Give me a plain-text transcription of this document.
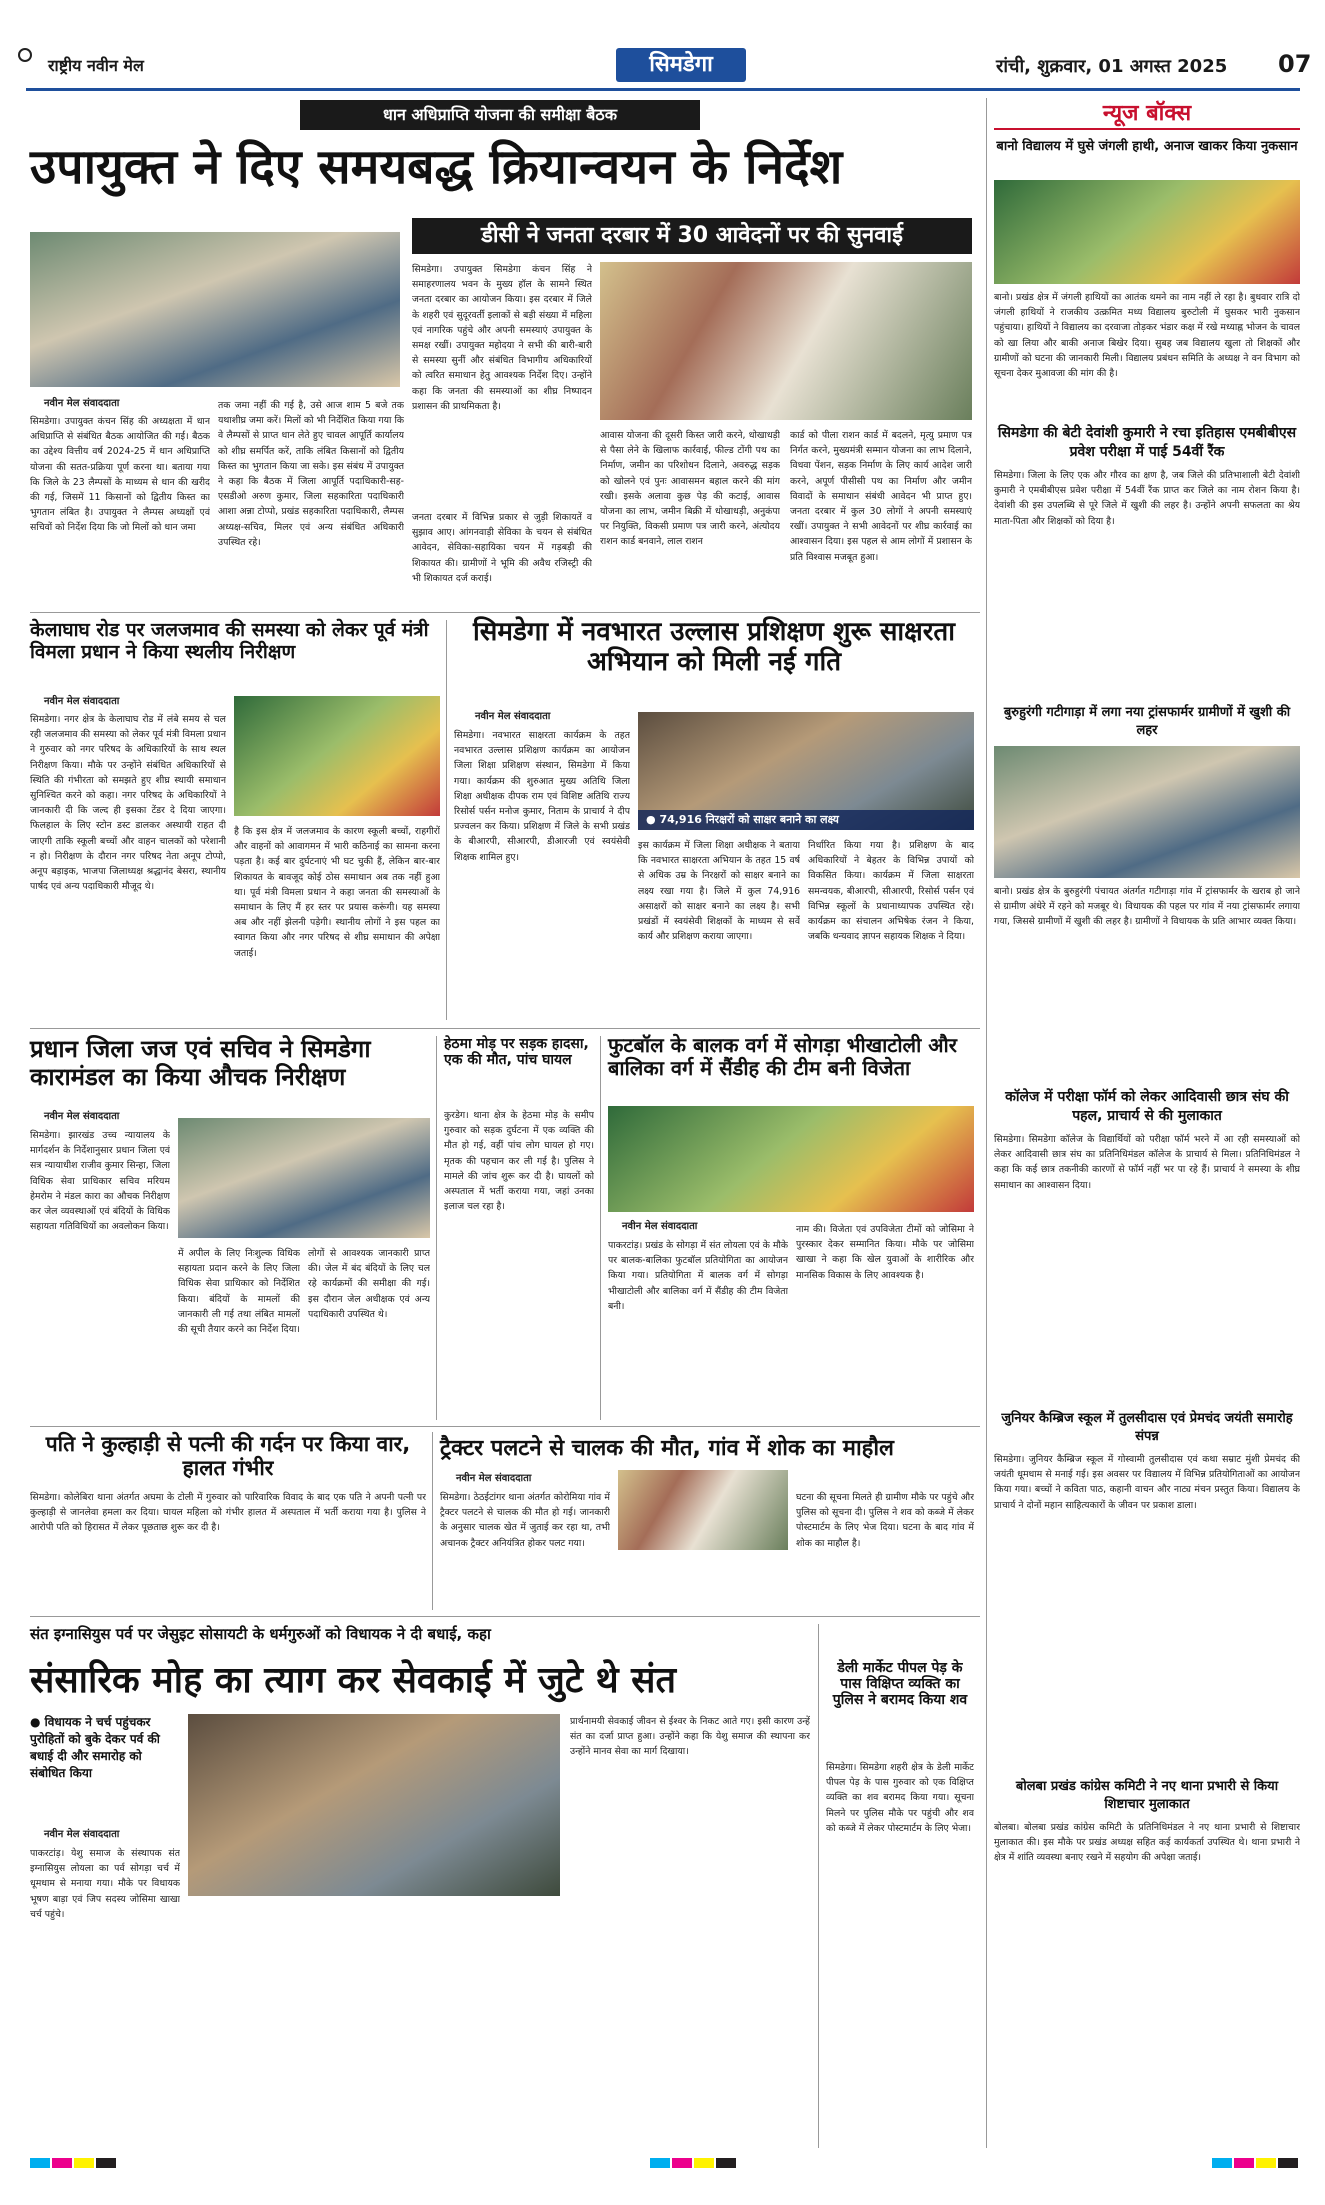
राष्ट्रीय नवीन मेल	सिमडेगा	रांची, शुक्रवार, 01 अगस्त 2025 07
धान अधिप्राप्ति योजना की समीक्षा बैठक
उपायुक्त ने दिए समयबद्ध क्रियान्वयन के निर्देश
नवीन मेल संवाददाता
सिमडेगा। उपायुक्त कंचन सिंह की अध्यक्षता में धान अधिप्राप्ति से संबंधित बैठक आयोजित की गई। बैठक का उद्देश्य वित्तीय वर्ष 2024-25 में धान अधिप्राप्ति योजना की सतत-प्रक्रिया पूर्ण करना था। बताया गया कि जिले के 23 लैम्पसों के माध्यम से धान की खरीद की गई, जिसमें 11 किसानों को द्वितीय किस्त का भुगतान लंबित है। उपायुक्त ने लैम्पस अध्यक्षों एवं सचिवों को निर्देश दिया कि जो मिलों को धान जमा
तक जमा नहीं की गई है, उसे आज शाम 5 बजे तक यथाशीघ्र जमा करें। मिलों को भी निर्देशित किया गया कि वे लैम्पसों से प्राप्त धान लेते हुए चावल आपूर्ति कार्यालय को शीघ्र समर्पित करें, ताकि लंबित किसानों को द्वितीय किस्त का भुगतान किया जा सके। इस संबंध में उपायुक्त ने कहा कि बैठक में जिला आपूर्ति पदाधिकारी-सह-एसडीओ अरुण कुमार, जिला सहकारिता पदाधिकारी आशा अन्ना टोप्पो, प्रखंड सहकारिता पदाधिकारी, लैम्पस अध्यक्ष-सचिव, मिलर एवं अन्य संबंधित अधिकारी उपस्थित रहे।
डीसी ने जनता दरबार में 30 आवेदनों पर की सुनवाई
सिमडेगा। उपायुक्त सिमडेगा कंचन सिंह ने समाहरणालय भवन के मुख्य हॉल के सामने स्थित जनता दरबार का आयोजन किया। इस दरबार में जिले के शहरी एवं सुदूरवर्ती इलाकों से बड़ी संख्या में महिला एवं नागरिक पहुंचे और अपनी समस्याएं उपायुक्त के समक्ष रखीं। उपायुक्त महोदया ने सभी की बारी-बारी से समस्या सुनीं और संबंधित विभागीय अधिकारियों को त्वरित समाधान हेतु आवश्यक निर्देश दिए। उन्होंने कहा कि जनता की समस्याओं का शीघ्र निष्पादन प्रशासन की प्राथमिकता है।
जनता दरबार में विभिन्न प्रकार से जुड़ी शिकायतें व सुझाव आए। आंगनवाड़ी सेविका के चयन से संबंधित आवेदन, सेविका-सहायिका चयन में गड़बड़ी की शिकायत की। ग्रामीणों ने भूमि की अवैध रजिस्ट्री की भी शिकायत दर्ज कराई।
आवास योजना की दूसरी किस्त जारी करने, धोखाधड़ी से पैसा लेने के खिलाफ कार्रवाई, फील्ड टोंगी पथ का निर्माण, जमीन का परिशोधन दिलाने, अवरुद्ध सड़क को खोलने एवं पुनः आवासमन बहाल करने की मांग रखी। इसके अलावा कुछ पेड़ की कटाई, आवास योजना का लाभ, जमीन बिक्री में धोखाधड़ी, अनुकंपा पर नियुक्ति, विकसी प्रमाण पत्र जारी करने, अंत्योदय राशन कार्ड बनवाने, लाल राशन
कार्ड को पीला राशन कार्ड में बदलने, मृत्यु प्रमाण पत्र निर्गत करने, मुख्यमंत्री सम्मान योजना का लाभ दिलाने, विधवा पेंशन, सड़क निर्माण के लिए कार्य आदेश जारी करने, अपूर्ण पीसीसी पथ का निर्माण और जमीन विवादों के समाधान संबंधी आवेदन भी प्राप्त हुए। जनता दरबार में कुल 30 लोगों ने अपनी समस्याएं रखीं। उपायुक्त ने सभी आवेदनों पर शीघ्र कार्रवाई का आश्वासन दिया। इस पहल से आम लोगों में प्रशासन के प्रति विश्वास मजबूत हुआ।
केलाघाघ रोड पर जलजमाव की समस्या को लेकर पूर्व मंत्री विमला प्रधान ने किया स्थलीय निरीक्षण
नवीन मेल संवाददाता
सिमडेगा। नगर क्षेत्र के केलाघाघ रोड में लंबे समय से चल रही जलजमाव की समस्या को लेकर पूर्व मंत्री विमला प्रधान ने गुरुवार को नगर परिषद के अधिकारियों के साथ स्थल निरीक्षण किया। मौके पर उन्होंने संबंधित अधिकारियों से स्थिति की गंभीरता को समझते हुए शीघ्र स्थायी समाधान सुनिश्चित करने को कहा। नगर परिषद के अधिकारियों ने जानकारी दी कि जल्द ही इसका टेंडर दे दिया जाएगा। फिलहाल के लिए स्टोन डस्ट डालकर अस्थायी राहत दी जाएगी ताकि स्कूली बच्चों और वाहन चालकों को परेशानी न हो। निरीक्षण के दौरान नगर परिषद नेता अनूप टोप्पो, अनूप बड़ाइक, भाजपा जिलाध्यक्ष श्रद्धानंद बेसरा, स्थानीय पार्षद एवं अन्य पदाधिकारी मौजूद थे।
है कि इस क्षेत्र में जलजमाव के कारण स्कूली बच्चों, राहगीरों और वाहनों को आवागमन में भारी कठिनाई का सामना करना पड़ता है। कई बार दुर्घटनाएं भी घट चुकी हैं, लेकिन बार-बार शिकायत के बावजूद कोई ठोस समाधान अब तक नहीं हुआ था। पूर्व मंत्री विमला प्रधान ने कहा जनता की समस्याओं के समाधान के लिए मैं हर स्तर पर प्रयास करूंगी। यह समस्या अब और नहीं झेलनी पड़ेगी। स्थानीय लोगों ने इस पहल का स्वागत किया और नगर परिषद से शीघ्र समाधान की अपेक्षा जताई।
सिमडेगा में नवभारत उल्लास प्रशिक्षण शुरू साक्षरता अभियान को मिली नई गति
नवीन मेल संवाददाता
सिमडेगा। नवभारत साक्षरता कार्यक्रम के तहत नवभारत उल्लास प्रशिक्षण कार्यक्रम का आयोजन जिला शिक्षा प्रशिक्षण संस्थान, सिमडेगा में किया गया। कार्यक्रम की शुरुआत मुख्य अतिथि जिला शिक्षा अधीक्षक दीपक राम एवं विशिष्ट अतिथि राज्य रिसोर्स पर्सन मनोज कुमार, निताम के प्राचार्य ने दीप प्रज्वलन कर किया। प्रशिक्षण में जिले के सभी प्रखंड के बीआरपी, सीआरपी, डीआरजी एवं स्वयंसेवी शिक्षक शामिल हुए।
● 74,916 निरक्षरों को साक्षर बनाने का लक्ष्य
इस कार्यक्रम में जिला शिक्षा अधीक्षक ने बताया कि नवभारत साक्षरता अभियान के तहत 15 वर्ष से अधिक उम्र के निरक्षरों को साक्षर बनाने का लक्ष्य रखा गया है। जिले में कुल 74,916 असाक्षरों को साक्षर बनाने का लक्ष्य है। सभी प्रखंडों में स्वयंसेवी शिक्षकों के माध्यम से सर्वे कार्य और प्रशिक्षण कराया जाएगा।
निर्धारित किया गया है। प्रशिक्षण के बाद अधिकारियों ने बेहतर के विभिन्न उपायों को विकसित किया। कार्यक्रम में जिला साक्षरता समन्वयक, बीआरपी, सीआरपी, रिसोर्स पर्सन एवं विभिन्न स्कूलों के प्रधानाध्यापक उपस्थित रहे। कार्यक्रम का संचालन अभिषेक रंजन ने किया, जबकि धन्यवाद ज्ञापन सहायक शिक्षक ने दिया।
प्रधान जिला जज एवं सचिव ने सिमडेगा कारामंडल का किया औचक निरीक्षण
नवीन मेल संवाददाता
सिमडेगा। झारखंड उच्च न्यायालय के मार्गदर्शन के निर्देशानुसार प्रधान जिला एवं सत्र न्यायाधीश राजीव कुमार सिन्हा, जिला विधिक सेवा प्राधिकार सचिव मरियम हेमरोम ने मंडल कारा का औचक निरीक्षण कर जेल व्यवस्थाओं एवं बंदियों के विधिक सहायता गतिविधियों का अवलोकन किया।
में अपील के लिए निःशुल्क विधिक सहायता प्रदान करने के लिए जिला विधिक सेवा प्राधिकार को निर्देशित किया। बंदियों के मामलों की जानकारी ली गई तथा लंबित मामलों की सूची तैयार करने का निर्देश दिया।
लोगों से आवश्यक जानकारी प्राप्त की। जेल में बंद बंदियों के लिए चल रहे कार्यक्रमों की समीक्षा की गई। इस दौरान जेल अधीक्षक एवं अन्य पदाधिकारी उपस्थित थे।
हेठमा मोड़ पर सड़क हादसा, एक की मौत, पांच घायल
कुरडेग। थाना क्षेत्र के हेठमा मोड़ के समीप गुरुवार को सड़क दुर्घटना में एक व्यक्ति की मौत हो गई, वहीं पांच लोग घायल हो गए। मृतक की पहचान कर ली गई है। पुलिस ने मामले की जांच शुरू कर दी है। घायलों को अस्पताल में भर्ती कराया गया, जहां उनका इलाज चल रहा है।
फुटबॉल के बालक वर्ग में सोगड़ा भीखाटोली और बालिका वर्ग में सैंडीह की टीम बनी विजेता
नवीन मेल संवाददाता
पाकरटांड़। प्रखंड के सोगड़ा में संत लोयला एवं के मौके पर बालक-बालिका फुटबॉल प्रतियोगिता का आयोजन किया गया। प्रतियोगिता में बालक वर्ग में सोगड़ा भीखाटोली और बालिका वर्ग में सैंडीह की टीम विजेता बनी।
नाम की। विजेता एवं उपविजेता टीमों को जोसिमा ने पुरस्कार देकर सम्मानित किया। मौके पर जोसिमा खाखा ने कहा कि खेल युवाओं के शारीरिक और मानसिक विकास के लिए आवश्यक है।
पति ने कुल्हाड़ी से पत्नी की गर्दन पर किया वार, हालत गंभीर
सिमडेगा। कोलेबिरा थाना अंतर्गत अघमा के टोली में गुरुवार को पारिवारिक विवाद के बाद एक पति ने अपनी पत्नी पर कुल्हाड़ी से जानलेवा हमला कर दिया। घायल महिला को गंभीर हालत में अस्पताल में भर्ती कराया गया है। पुलिस ने आरोपी पति को हिरासत में लेकर पूछताछ शुरू कर दी है।
ट्रैक्टर पलटने से चालक की मौत, गांव में शोक का माहौल
नवीन मेल संवाददाता
सिमडेगा। ठेठईटांगर थाना अंतर्गत कोरोमिया गांव में ट्रैक्टर पलटने से चालक की मौत हो गई। जानकारी के अनुसार चालक खेत में जुताई कर रहा था, तभी अचानक ट्रैक्टर अनियंत्रित होकर पलट गया।
घटना की सूचना मिलते ही ग्रामीण मौके पर पहुंचे और पुलिस को सूचना दी। पुलिस ने शव को कब्जे में लेकर पोस्टमार्टम के लिए भेज दिया। घटना के बाद गांव में शोक का माहौल है।
संत इग्नासियुस पर्व पर जेसुइट सोसायटी के धर्मगुरुओं को विधायक ने दी बधाई, कहा
संसारिक मोह का त्याग कर सेवकाई में जुटे थे संत
● विधायक ने चर्च पहुंचकर पुरोहितों को बुके देकर पर्व की बधाई दी और समारोह को संबोधित किया
नवीन मेल संवाददाता
पाकरटांड़। येशु समाज के संस्थापक संत इग्नासियुस लोयला का पर्व सोगड़ा चर्च में धूमधाम से मनाया गया। मौके पर विधायक भूषण बाड़ा एवं जिप सदस्य जोसिमा खाखा चर्च पहुंचे।
प्रार्थनामयी सेवकाई जीवन से ईश्वर के निकट आते गए। इसी कारण उन्हें संत का दर्जा प्राप्त हुआ। उन्होंने कहा कि येशु समाज की स्थापना कर उन्होंने मानव सेवा का मार्ग दिखाया।
डेली मार्केट पीपल पेड़ के पास विक्षिप्त व्यक्ति का पुलिस ने बरामद किया शव
सिमडेगा। सिमडेगा शहरी क्षेत्र के डेली मार्केट पीपल पेड़ के पास गुरुवार को एक विक्षिप्त व्यक्ति का शव बरामद किया गया। सूचना मिलने पर पुलिस मौके पर पहुंची और शव को कब्जे में लेकर पोस्टमार्टम के लिए भेजा।
न्यूज बॉक्स
बानो विद्यालय में घुसे जंगली हाथी, अनाज खाकर किया नुकसान
बानो। प्रखंड क्षेत्र में जंगली हाथियों का आतंक थमने का नाम नहीं ले रहा है। बुधवार रात्रि दो जंगली हाथियों ने राजकीय उत्क्रमित मध्य विद्यालय बुरुटोली में घुसकर भारी नुकसान पहुंचाया। हाथियों ने विद्यालय का दरवाजा तोड़कर भंडार कक्ष में रखे मध्याह्न भोजन के चावल को खा लिया और बाकी अनाज बिखेर दिया। सुबह जब विद्यालय खुला तो शिक्षकों और ग्रामीणों को घटना की जानकारी मिली। विद्यालय प्रबंधन समिति के अध्यक्ष ने वन विभाग को सूचना देकर मुआवजा की मांग की है।
सिमडेगा की बेटी देवांशी कुमारी ने रचा इतिहास एमबीबीएस प्रवेश परीक्षा में पाई 54वीं रैंक
सिमडेगा। जिला के लिए एक और गौरव का क्षण है, जब जिले की प्रतिभाशाली बेटी देवांशी कुमारी ने एमबीबीएस प्रवेश परीक्षा में 54वीं रैंक प्राप्त कर जिले का नाम रोशन किया है। देवांशी की इस उपलब्धि से पूरे जिले में खुशी की लहर है। उन्होंने अपनी सफलता का श्रेय माता-पिता और शिक्षकों को दिया है।
बुरुहुरंगी गटीगाड़ा में लगा नया ट्रांसफार्मर ग्रामीणों में खुशी की लहर
बानो। प्रखंड क्षेत्र के बुरुहुरंगी पंचायत अंतर्गत गटीगाड़ा गांव में ट्रांसफार्मर के खराब हो जाने से ग्रामीण अंधेरे में रहने को मजबूर थे। विधायक की पहल पर गांव में नया ट्रांसफार्मर लगाया गया, जिससे ग्रामीणों में खुशी की लहर है। ग्रामीणों ने विधायक के प्रति आभार व्यक्त किया।
कॉलेज में परीक्षा फॉर्म को लेकर आदिवासी छात्र संघ की पहल, प्राचार्य से की मुलाकात
सिमडेगा। सिमडेगा कॉलेज के विद्यार्थियों को परीक्षा फॉर्म भरने में आ रही समस्याओं को लेकर आदिवासी छात्र संघ का प्रतिनिधिमंडल कॉलेज के प्राचार्य से मिला। प्रतिनिधिमंडल ने कहा कि कई छात्र तकनीकी कारणों से फॉर्म नहीं भर पा रहे हैं। प्राचार्य ने समस्या के शीघ्र समाधान का आश्वासन दिया।
जुनियर कैम्ब्रिज स्कूल में तुलसीदास एवं प्रेमचंद जयंती समारोह संपन्न
सिमडेगा। जुनियर कैम्ब्रिज स्कूल में गोस्वामी तुलसीदास एवं कथा सम्राट मुंशी प्रेमचंद की जयंती धूमधाम से मनाई गई। इस अवसर पर विद्यालय में विभिन्न प्रतियोगिताओं का आयोजन किया गया। बच्चों ने कविता पाठ, कहानी वाचन और नाट्य मंचन प्रस्तुत किया। विद्यालय के प्राचार्य ने दोनों महान साहित्यकारों के जीवन पर प्रकाश डाला।
बोलबा प्रखंड कांग्रेस कमिटी ने नए थाना प्रभारी से किया शिष्टाचार मुलाकात
बोलबा। बोलबा प्रखंड कांग्रेस कमिटी के प्रतिनिधिमंडल ने नए थाना प्रभारी से शिष्टाचार मुलाकात की। इस मौके पर प्रखंड अध्यक्ष सहित कई कार्यकर्ता उपस्थित थे। थाना प्रभारी ने क्षेत्र में शांति व्यवस्था बनाए रखने में सहयोग की अपेक्षा जताई।
